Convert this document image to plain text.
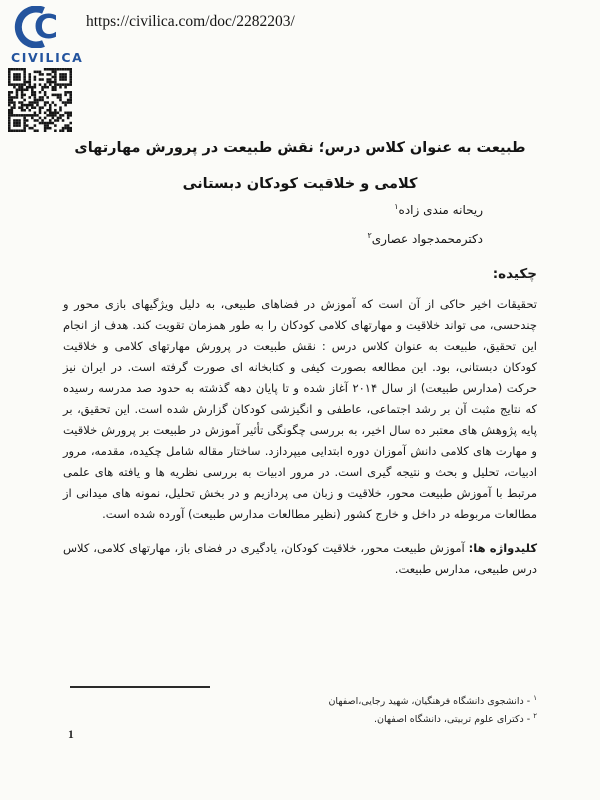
C
CIVILICA
https://civilica.com/doc/2282203/
طبیعت به عنوان کلاس درس؛ نقش طبیعت در پرورش مهارتهای کلامی و خلاقیت کودکان دبستانی
ریحانه مندی زاده$^۱$
دکترمحمدجواد عصاری$^۲$
چکیده:
تحقیقات اخیر حاکی از آن است که آموزش در فضاهای طبیعی، به دلیل ویژگیهای بازی محور و چندحسی، می تواند خلاقیت و مهارتهای کلامی کودکان را به طور همزمان تقویت کند. هدف از انجام این تحقیق، طبیعت به عنوان کلاس درس : نقش طبیعت در پرورش مهارتهای کلامی و خلاقیت کودکان دبستانی، بود. این مطالعه بصورت کیفی و کتابخانه ای صورت گرفته است. در ایران نیز حرکت (مدارس طبیعت) از سال ۲۰۱۴ آغاز شده و تا پایان دهه گذشته به حدود صد مدرسه رسیده که نتایج مثبت آن بر رشد اجتماعی، عاطفی و انگیزشی کودکان گزارش شده است. این تحقیق، بر پایه پژوهش های معتبر ده سال اخیر، به بررسی چگونگی تأثیر آموزش در طبیعت بر پرورش خلاقیت و مهارت های کلامی دانش آموزان دوره ابتدایی میپردازد. ساختار مقاله شامل چکیده، مقدمه، مرور ادبیات، تحلیل و بحث و نتیجه گیری است. در مرور ادبیات به بررسی نظریه ها و یافته های علمی مرتبط با آموزش طبیعت محور، خلاقیت و زبان می پردازیم و در بخش تحلیل، نمونه های میدانی از مطالعات مربوطه در داخل و خارج کشور (نظیر مطالعات مدارس طبیعت) آورده شده است.
کلیدواژه ها: آموزش طبیعت محور، خلاقیت کودکان، یادگیری در فضای باز، مهارتهای کلامی، کلاس درس طبیعی، مدارس طبیعت.
$^۱$ - دانشجوی دانشگاه فرهنگیان، شهید رجایی،اصفهان
$^۲$ - دکترای علوم تربیتی، دانشگاه اصفهان.
1
